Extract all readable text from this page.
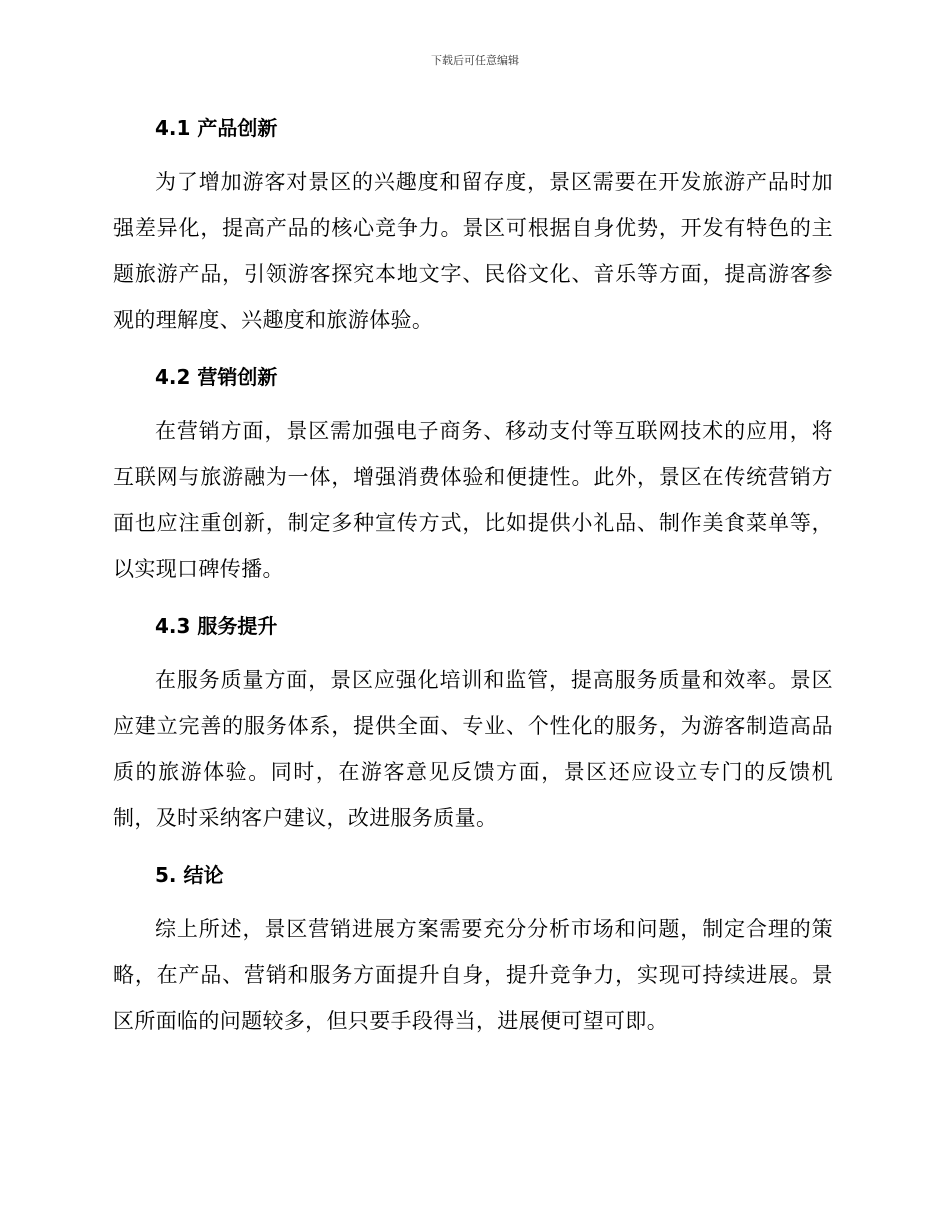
下载后可任意编辑
4.1 产品创新

为了增加游客对景区的兴趣度和留存度，景区需要在开发旅游产品时加强差异化，提高产品的核心竞争力。景区可根据自身优势，开发有特色的主题旅游产品，引领游客探究本地文字、民俗文化、音乐等方面，提高游客参观的理解度、兴趣度和旅游体验。

4.2 营销创新

在营销方面，景区需加强电子商务、移动支付等互联网技术的应用，将互联网与旅游融为一体，增强消费体验和便捷性。此外，景区在传统营销方面也应注重创新，制定多种宣传方式，比如提供小礼品、制作美食菜单等，以实现口碑传播。

4.3 服务提升

在服务质量方面，景区应强化培训和监管，提高服务质量和效率。景区应建立完善的服务体系，提供全面、专业、个性化的服务，为游客制造高品质的旅游体验。同时，在游客意见反馈方面，景区还应设立专门的反馈机制，及时采纳客户建议，改进服务质量。

5. 结论

综上所述，景区营销进展方案需要充分分析市场和问题，制定合理的策略，在产品、营销和服务方面提升自身，提升竞争力，实现可持续进展。景区所面临的问题较多，但只要手段得当，进展便可望可即。
